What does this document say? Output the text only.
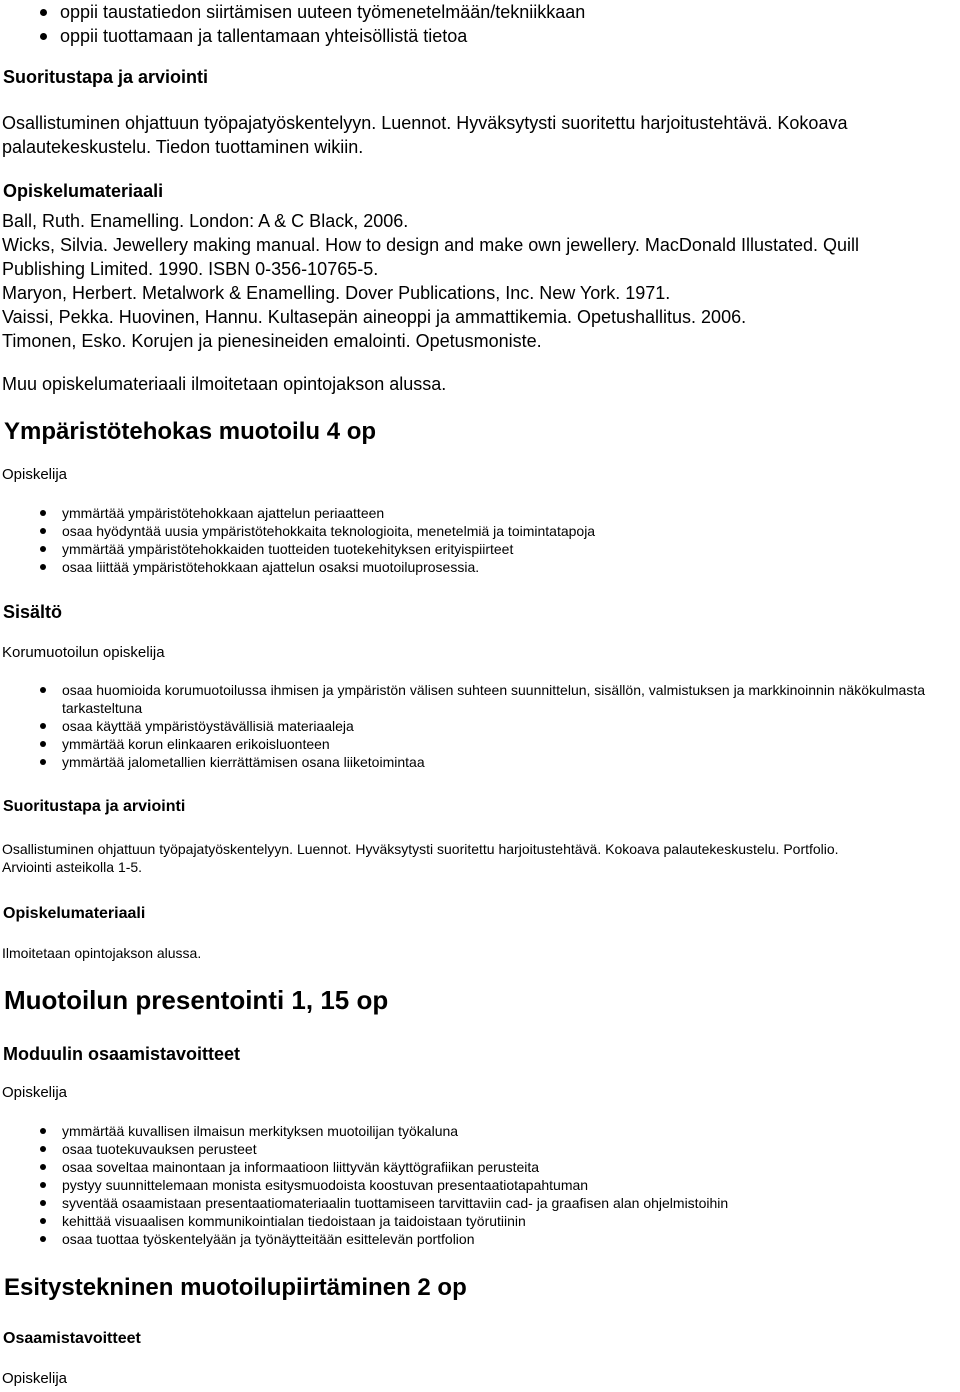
oppii taustatiedon siirtämisen uuteen työmenetelmään/tekniikkaan
oppii tuottamaan ja tallentamaan yhteisöllistä tietoa
Suoritustapa ja arviointi
Osallistuminen ohjattuun työpajatyöskentelyyn. Luennot. Hyväksytysti suoritettu harjoitustehtävä. Kokoava
palautekeskustelu. Tiedon tuottaminen wikiin.
Opiskelumateriaali
Ball, Ruth. Enamelling. London: A & C Black, 2006.
Wicks, Silvia. Jewellery making manual. How to design and make own jewellery. MacDonald Illustated. Quill
Publishing Limited. 1990. ISBN 0-356-10765-5.
Maryon, Herbert. Metalwork & Enamelling. Dover Publications, Inc. New York. 1971.
Vaissi, Pekka. Huovinen, Hannu. Kultasepän aineoppi ja ammattikemia. Opetushallitus. 2006.
Timonen, Esko. Korujen ja pienesineiden emalointi. Opetusmoniste.
Muu opiskelumateriaali ilmoitetaan opintojakson alussa.
Ympäristötehokas muotoilu 4 op
Opiskelija
ymmärtää ympäristötehokkaan ajattelun periaatteen
osaa hyödyntää uusia ympäristötehokkaita teknologioita, menetelmiä ja toimintatapoja
ymmärtää ympäristötehokkaiden tuotteiden tuotekehityksen erityispiirteet
osaa liittää ympäristötehokkaan ajattelun osaksi muotoiluprosessia.
Sisältö
Korumuotoilun opiskelija
osaa huomioida korumuotoilussa ihmisen ja ympäristön välisen suhteen suunnittelun, sisällön, valmistuksen ja markkinoinnin näkökulmasta tarkasteltuna
osaa käyttää ympäristöystävällisiä materiaaleja
ymmärtää korun elinkaaren erikoisluonteen
ymmärtää jalometallien kierrättämisen osana liiketoimintaa
Suoritustapa ja arviointi
Osallistuminen ohjattuun työpajatyöskentelyyn. Luennot. Hyväksytysti suoritettu harjoitustehtävä. Kokoava palautekeskustelu. Portfolio.
Arviointi asteikolla 1-5.
Opiskelumateriaali
Ilmoitetaan opintojakson alussa.
Muotoilun presentointi 1, 15 op
Moduulin osaamistavoitteet
Opiskelija
ymmärtää kuvallisen ilmaisun merkityksen muotoilijan työkaluna
osaa tuotekuvauksen perusteet
osaa soveltaa mainontaan ja informaatioon liittyvän käyttögrafiikan perusteita
pystyy suunnittelemaan monista esitysmuodoista koostuvan presentaatiotapahtuman
syventää osaamistaan presentaatiomateriaalin tuottamiseen tarvittaviin cad- ja graafisen alan ohjelmistoihin
kehittää visuaalisen kommunikointialan tiedoistaan ja taidoistaan työrutiinin
osaa tuottaa työskentelyään ja työnäytteitään esittelevän portfolion
Esitystekninen muotoilupiirtäminen 2 op
Osaamistavoitteet
Opiskelija
